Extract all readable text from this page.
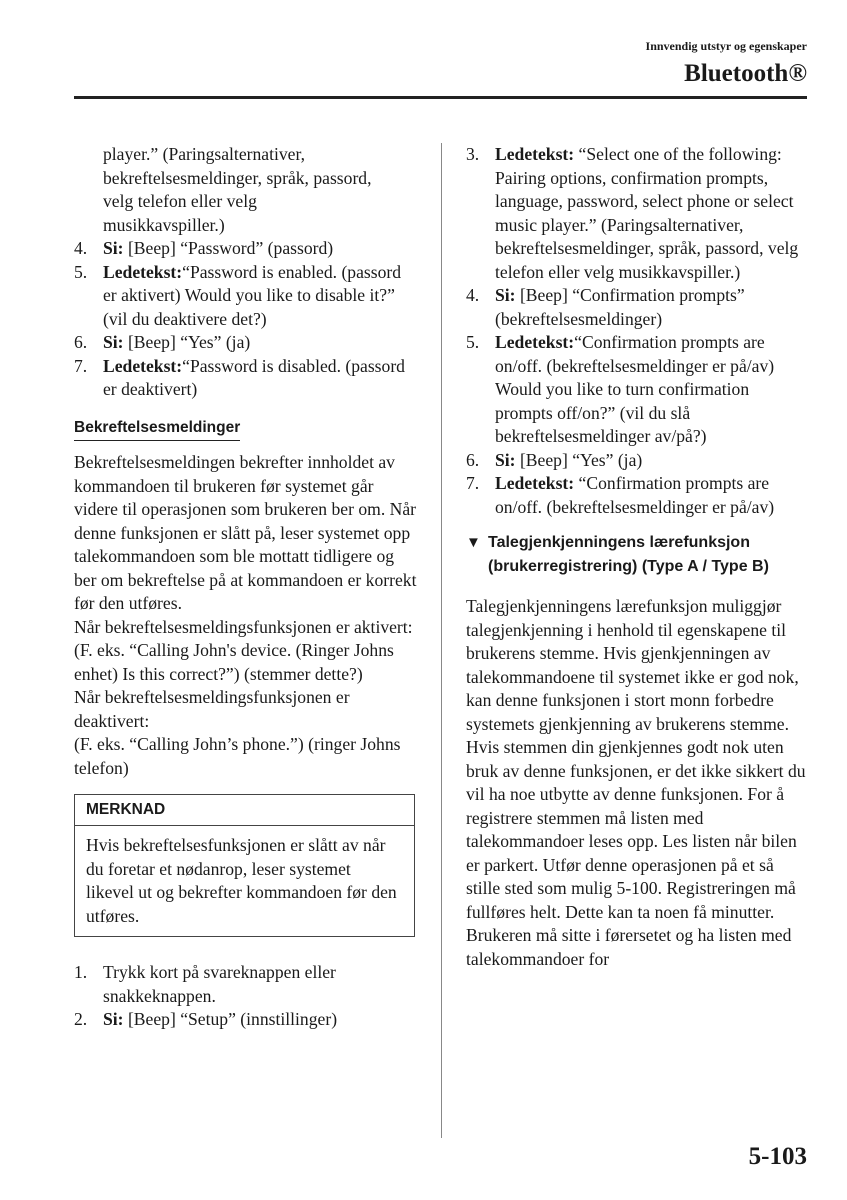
Innvendig utstyr og egenskaper
Bluetooth®

player.” (Paringsalternativer,

bekreftelsesmeldinger, språk, passord,

velg telefon eller velg

musikkavspiller.)

4. Si: [Beep] “Password” (passord)
5. Ledetekst:“Password is enabled. (passord er aktivert) Would you like to disable it?” (vil du deaktivere det?)
6. Si: [Beep] “Yes” (ja)
7. Ledetekst:“Password is disabled. (passord er deaktivert)
Bekreftelsesmeldinger

Bekreftelsesmeldingen bekrefter innholdet av kommandoen til brukeren før systemet går videre til operasjonen som brukeren ber om. Når denne funksjonen er slått på, leser systemet opp talekommandoen som ble mottatt tidligere og ber om bekreftelse på at kommandoen er korrekt før den utføres.

Når bekreftelsesmeldingsfunksjonen er aktivert:

(F. eks. “Calling John's device. (Ringer Johns enhet) Is this correct?”) (stemmer dette?)

Når bekreftelsesmeldingsfunksjonen er deaktivert:

(F. eks. “Calling John’s phone.”) (ringer Johns telefon)

MERKNAD
Hvis bekreftelsesfunksjonen er slått av når du foretar et nødanrop, leser systemet likevel ut og bekrefter kommandoen før den utføres.
1. Trykk kort på svareknappen eller snakkeknappen.
2. Si: [Beep] “Setup” (innstillinger)
3. Ledetekst: “Select one of the following: Pairing options, confirmation prompts, language, password, select phone or select music player.” (Paringsalternativer, bekreftelsesmeldinger, språk, passord, velg telefon eller velg musikkavspiller.)
4. Si: [Beep] “Confirmation prompts” (bekreftelsesmeldinger)
5. Ledetekst:“Confirmation prompts are on/off. (bekreftelsesmeldinger er på/av) Would you like to turn confirmation prompts off/on?” (vil du slå bekreftelsesmeldinger av/på?)
6. Si: [Beep] “Yes” (ja)
7. Ledetekst: “Confirmation prompts are on/off. (bekreftelsesmeldinger er på/av)
▼ Talegjenkjenningens lærefunksjon (brukerregistrering) (Type A / Type B)

Talegjenkjenningens lærefunksjon muliggjør talegjenkjenning i henhold til egenskapene til brukerens stemme. Hvis gjenkjenningen av talekommandoene til systemet ikke er god nok, kan denne funksjonen i stort monn forbedre systemets gjenkjenning av brukerens stemme. Hvis stemmen din gjenkjennes godt nok uten bruk av denne funksjonen, er det ikke sikkert du vil ha noe utbytte av denne funksjonen. For å registrere stemmen må listen med talekommandoer leses opp. Les listen når bilen er parkert. Utfør denne operasjonen på et så stille sted som mulig 5-100. Registreringen må fullføres helt. Dette kan ta noen få minutter. Brukeren må sitte i førersetet og ha listen med talekommandoer for

5-103
